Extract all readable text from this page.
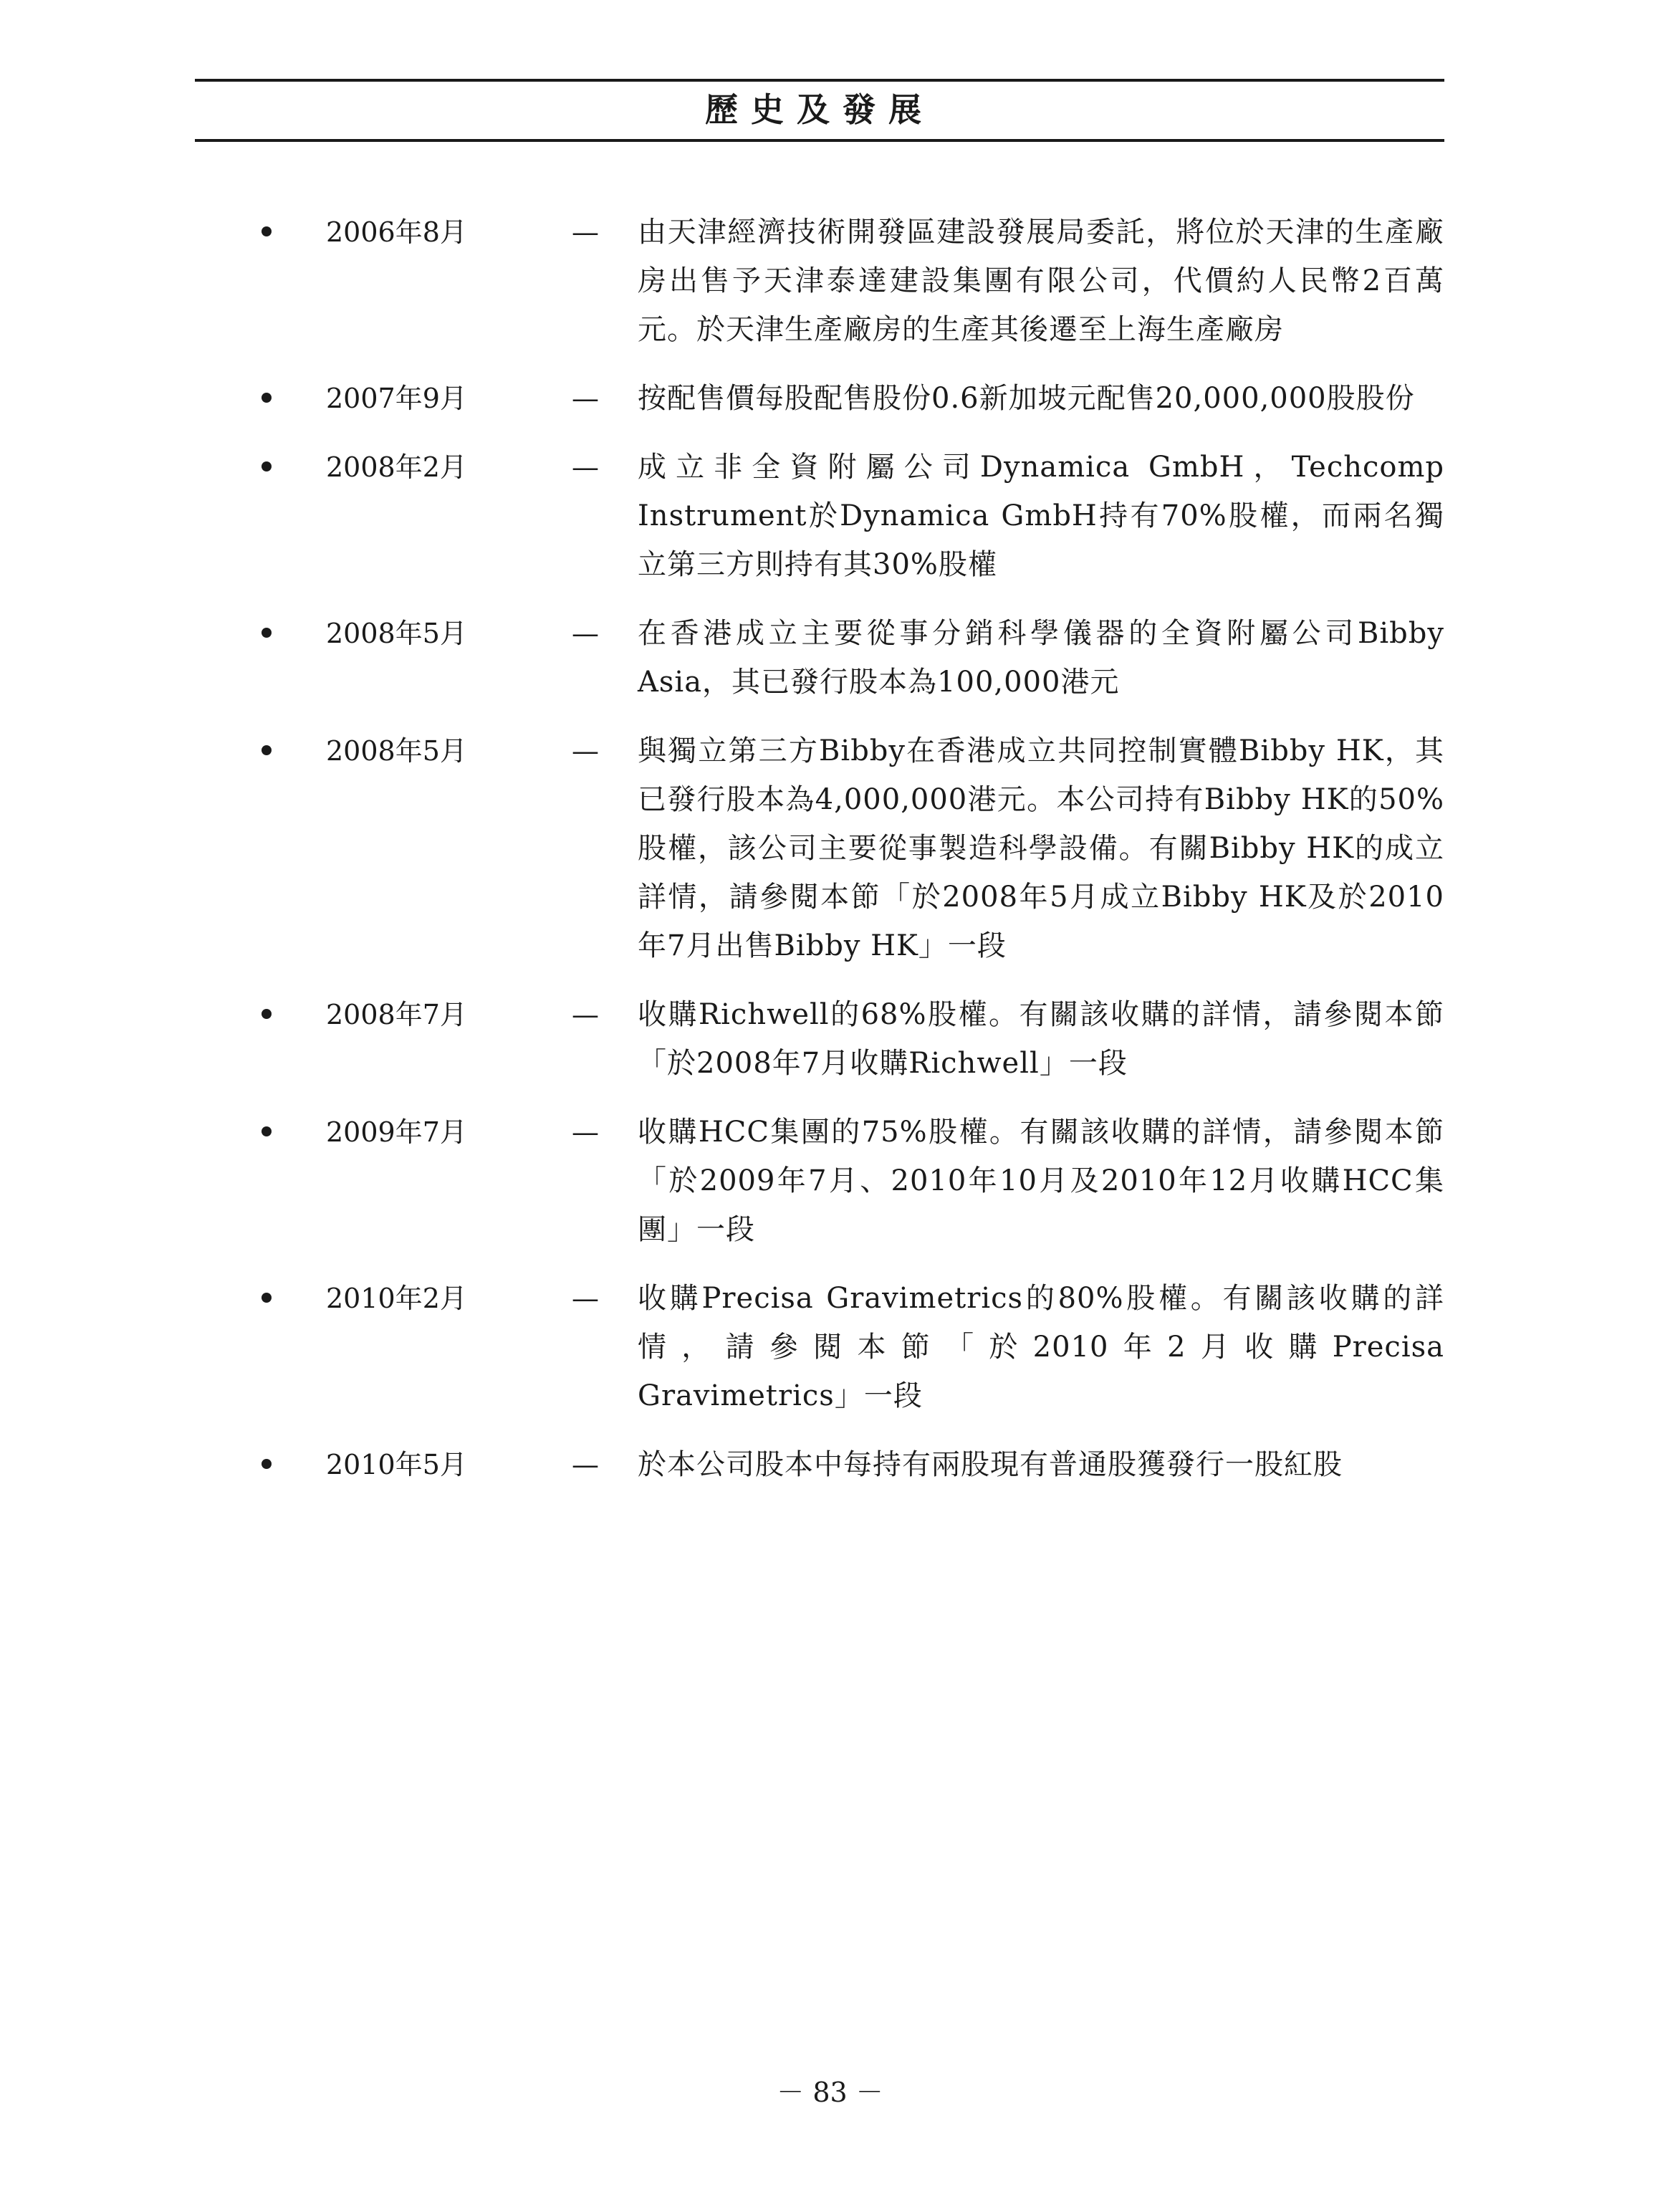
歷史及發展
2006年8月	— 由天津經濟技術開發區建設發展局委託，將位於天津的生產廠房出售予天津泰達建設集團有限公司，代價約人民幣2百萬元。於天津生產廠房的生產其後遷至上海生產廠房
2007年9月	— 按配售價每股配售股份0.6新加坡元配售20,000,000股股份
2008年2月	— 成立非全資附屬公司Dynamica GmbH，Techcomp Instrument於Dynamica GmbH持有70%股權，而兩名獨立第三方則持有其30%股權
2008年5月	— 在香港成立主要從事分銷科學儀器的全資附屬公司Bibby Asia，其已發行股本為100,000港元
2008年5月	— 與獨立第三方Bibby在香港成立共同控制實體Bibby HK，其已發行股本為4,000,000港元。本公司持有Bibby HK的50%股權，該公司主要從事製造科學設備。有關Bibby HK的成立詳情，請參閱本節「於2008年5月成立Bibby HK及於2010年7月出售Bibby HK」一段
2008年7月	— 收購Richwell的68%股權。有關該收購的詳情，請參閱本節「於2008年7月收購Richwell」一段
2009年7月	— 收購HCC集團的75%股權。有關該收購的詳情，請參閱本節「於2009年7月、2010年10月及2010年12月收購HCC集團」一段
2010年2月	— 收購Precisa Gravimetrics的80%股權。有關該收購的詳情，請參閱本節「於2010年2月收購Precisa Gravimetrics」一段
2010年5月	— 於本公司股本中每持有兩股現有普通股獲發行一股紅股
－ 83 －
